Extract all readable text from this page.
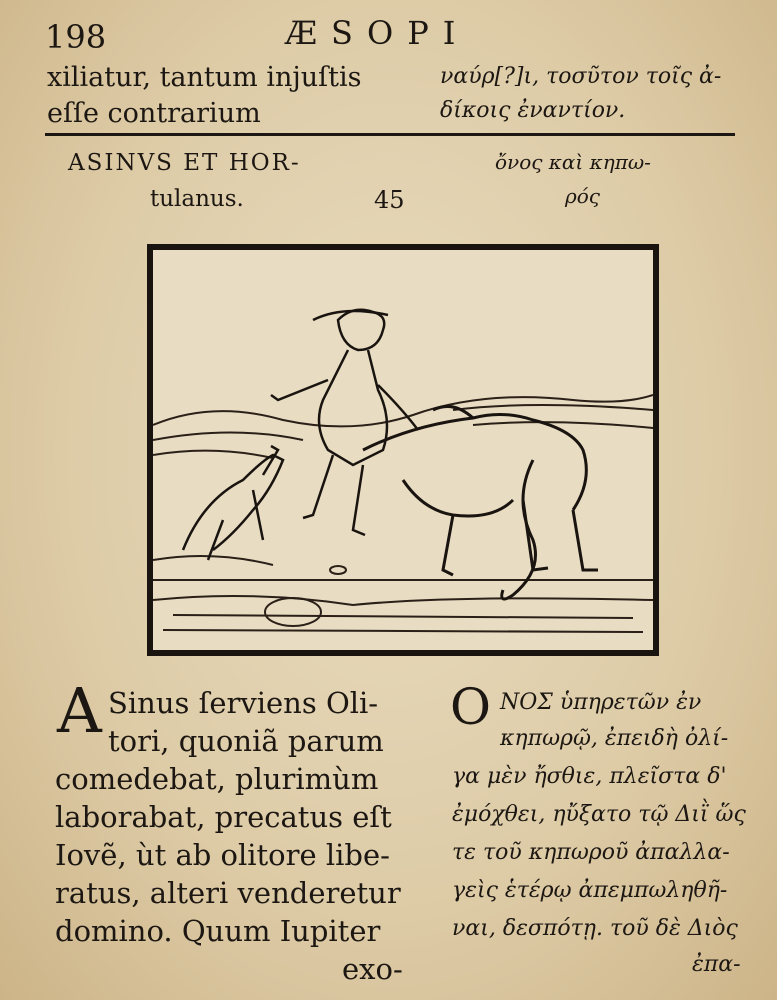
198	ÆSOPI
xiliatur, tantum injuſtis
eſſe contrarium
ναύρ[?]ι, τοσῦτον τοῖς ἀ-
δίκοις ἐναντίον.
ASINVS ET HOR-
tulanus.	45
ὄνος καὶ κηπω-
ρός
A Sinus ſerviens Oli-
tori, quoniã parum
comedebat, plurimùm
laborabat, precatus eſt
Iovẽ, ùt ab olitore libe-
ratus, alteri venderetur
domino. Quum Iupiter
exo-
O ΝΟΣ ὑπηρετῶν ἐν
κηπωρῷ, ἐπειδὴ ὀλί-
γα μὲν ἤσθιε, πλεῖστα δ'
ἐμόχθει, ηὔξατο τῷ Διῒ ὥς
τε τοῦ κηπωροῦ ἀπαλλα-
γεὶς ἑτέρῳ ἀπεμπωληθῆ-
ναι, δεσπότῃ. τοῦ δὲ Διὸς
ἐπα-
